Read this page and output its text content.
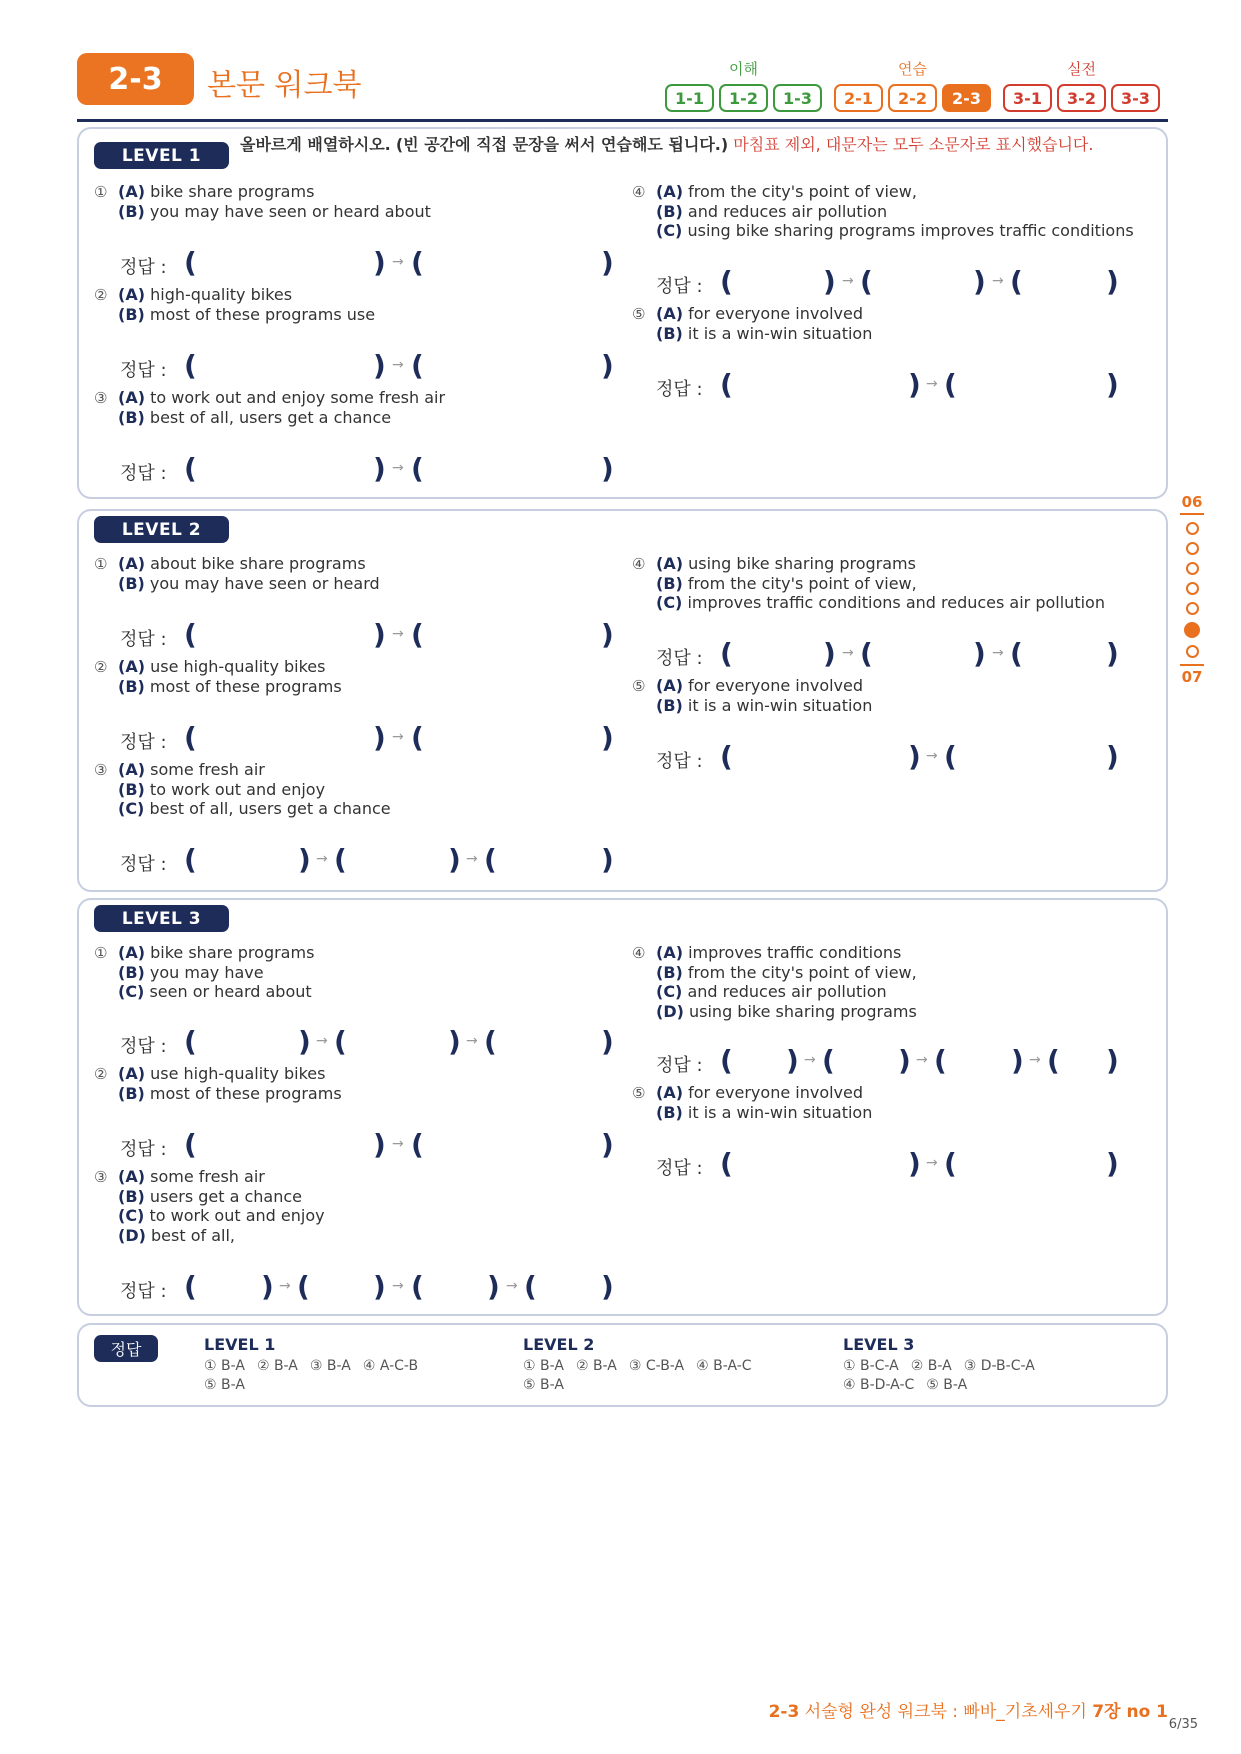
2-3	본문 워크북	이해
1-1	1-2	1-3
연습
2-1	2-2	2-3
실전
3-1	3-2	3-3
LEVEL 1
올바르게 배열하시오. (빈 공간에 직접 문장을 써서 연습해도 됩니다.) 마침표 제외, 대문자는 모두 소문자로 표시했습니다.
① (A) bike share programs
(B) you may have seen or heard about
정답 : (	) → (	)
② (A) high-quality bikes
(B) most of these programs use
정답 : (	) → (	)
③ (A) to work out and enjoy some fresh air
(B) best of all, users get a chance
정답 : (	) → (	)
④ (A) from the city's point of view,
(B) and reduces air pollution
(C) using bike sharing programs improves traffic conditions
정답 : (	) → (	) → (	)
⑤ (A) for everyone involved
(B) it is a win-win situation
정답 : (	) → (	)
LEVEL 2
① (A) about bike share programs
(B) you may have seen or heard
정답 : (	) → (	)
② (A) use high-quality bikes
(B) most of these programs
정답 : (	) → (	)
③ (A) some fresh air
(B) to work out and enjoy
(C) best of all, users get a chance
정답 : (	) → (	) → (	)
④ (A) using bike sharing programs
(B) from the city's point of view,
(C) improves traffic conditions and reduces air pollution
정답 : (	) → (	) → (	)
⑤ (A) for everyone involved
(B) it is a win-win situation
정답 : (	) → (	)
LEVEL 3
① (A) bike share programs
(B) you may have
(C) seen or heard about
정답 : (	) → (	) → (	)
② (A) use high-quality bikes
(B) most of these programs
정답 : (	) → (	)
③ (A) some fresh air
(B) users get a chance
(C) to work out and enjoy
(D) best of all,
정답 : ( ) → ( ) → ( ) → ( )
④ (A) improves traffic conditions
(B) from the city's point of view,
(C) and reduces air pollution
(D) using bike sharing programs
정답 : ( ) → ( ) → ( ) → ( )
⑤ (A) for everyone involved
(B) it is a win-win situation
정답 : (	) → (	)
정답	LEVEL 1
① B-A ② B-A ③ B-A ④ A-C-B
⑤ B-A
LEVEL 2
① B-A ② B-A ③ C-B-A ④ B-A-C
⑤ B-A
LEVEL 3
① B-C-A ② B-A ③ D-B-C-A
④ B-D-A-C ⑤ B-A
06
07
2-3 서술형 완성 워크북 : 빠바_기초세우기 7장 no 1
6/35
